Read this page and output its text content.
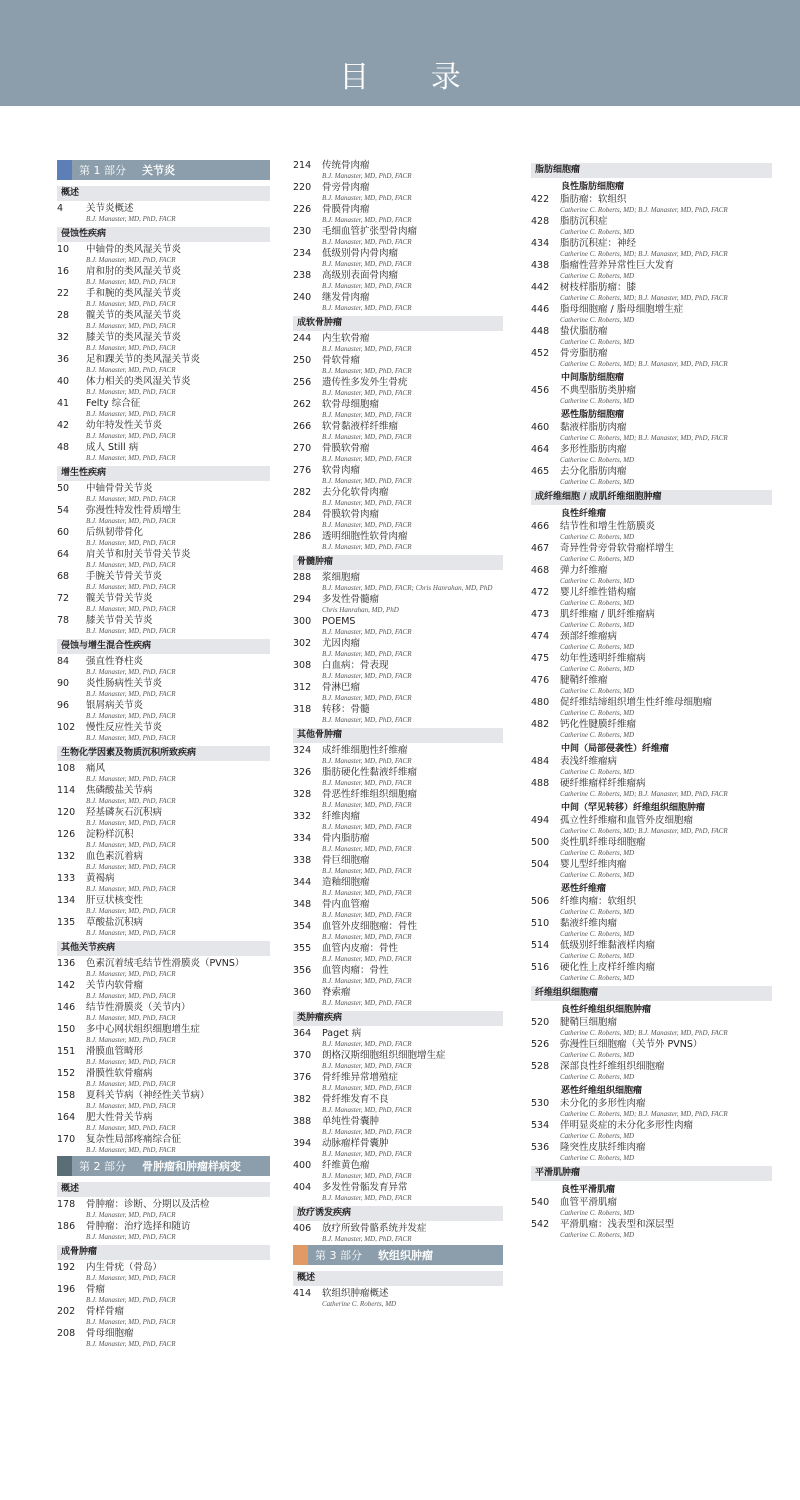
目 录
第 1 部分 关节炎
概述
4	关节炎概述
B.J. Manaster, MD, PhD, FACR
侵蚀性疾病
10	中轴骨的类风湿关节炎
B.J. Manaster, MD, PhD, FACR
16	肩和肘的类风湿关节炎
B.J. Manaster, MD, PhD, FACR
22	手和腕的类风湿关节炎
B.J. Manaster, MD, PhD, FACR
28	髋关节的类风湿关节炎
B.J. Manaster, MD, PhD, FACR
32	膝关节的类风湿关节炎
B.J. Manaster, MD, PhD, FACR
36	足和踝关节的类风湿关节炎
B.J. Manaster, MD, PhD, FACR
40	体力相关的类风湿关节炎
B.J. Manaster, MD, PhD, FACR
41	Felty 综合征
B.J. Manaster, MD, PhD, FACR
42	幼年特发性关节炎
B.J. Manaster, MD, PhD, FACR
48	成人 Still 病
B.J. Manaster, MD, PhD, FACR
增生性疾病
50	中轴骨骨关节炎
B.J. Manaster, MD, PhD, FACR
54	弥漫性特发性骨质增生
B.J. Manaster, MD, PhD, FACR
60	后纵韧带骨化
B.J. Manaster, MD, PhD, FACR
64	肩关节和肘关节骨关节炎
B.J. Manaster, MD, PhD, FACR
68	手腕关节骨关节炎
B.J. Manaster, MD, PhD, FACR
72	髋关节骨关节炎
B.J. Manaster, MD, PhD, FACR
78	膝关节骨关节炎
B.J. Manaster, MD, PhD, FACR
侵蚀与增生混合性疾病
84	强直性脊柱炎
B.J. Manaster, MD, PhD, FACR
90	炎性肠病性关节炎
B.J. Manaster, MD, PhD, FACR
96	银屑病关节炎
B.J. Manaster, MD, PhD, FACR
102	慢性反应性关节炎
B.J. Manaster, MD, PhD, FACR
生物化学因素及物质沉积所致疾病
108	痛风
B.J. Manaster, MD, PhD, FACR
114	焦磷酸盐关节病
B.J. Manaster, MD, PhD, FACR
120	羟基磷灰石沉积病
B.J. Manaster, MD, PhD, FACR
126	淀粉样沉积
B.J. Manaster, MD, PhD, FACR
132	血色素沉着病
B.J. Manaster, MD, PhD, FACR
133	黄褐病
B.J. Manaster, MD, PhD, FACR
134	肝豆状核变性
B.J. Manaster, MD, PhD, FACR
135	草酸盐沉积病
B.J. Manaster, MD, PhD, FACR
其他关节疾病
136	色素沉着绒毛结节性滑膜炎（PVNS）
B.J. Manaster, MD, PhD, FACR
142	关节内软骨瘤
B.J. Manaster, MD, PhD, FACR
146	结节性滑膜炎（关节内）
B.J. Manaster, MD, PhD, FACR
150	多中心网状组织细胞增生症
B.J. Manaster, MD, PhD, FACR
151	滑膜血管畸形
B.J. Manaster, MD, PhD, FACR
152	滑膜性软骨瘤病
B.J. Manaster, MD, PhD, FACR
158	夏科关节病（神经性关节病）
B.J. Manaster, MD, PhD, FACR
164	肥大性骨关节病
B.J. Manaster, MD, PhD, FACR
170	复杂性局部疼痛综合征
B.J. Manaster, MD, PhD, FACR
第 2 部分 骨肿瘤和肿瘤样病变
概述
178	骨肿瘤：诊断、分期以及活检
B.J. Manaster, MD, PhD, FACR
186	骨肿瘤：治疗选择和随访
B.J. Manaster, MD, PhD, FACR
成骨肿瘤
192	内生骨疣（骨岛）
B.J. Manaster, MD, PhD, FACR
196	骨瘤
B.J. Manaster, MD, PhD, FACR
202	骨样骨瘤
B.J. Manaster, MD, PhD, FACR
208	骨母细胞瘤
B.J. Manaster, MD, PhD, FACR
214	传统骨肉瘤
B.J. Manaster, MD, PhD, FACR
220	骨旁骨肉瘤
B.J. Manaster, MD, PhD, FACR
226	骨膜骨肉瘤
B.J. Manaster, MD, PhD, FACR
230	毛细血管扩张型骨肉瘤
B.J. Manaster, MD, PhD, FACR
234	低级别骨内骨肉瘤
B.J. Manaster, MD, PhD, FACR
238	高级别表面骨肉瘤
B.J. Manaster, MD, PhD, FACR
240	继发骨肉瘤
B.J. Manaster, MD, PhD, FACR
成软骨肿瘤
244	内生软骨瘤
B.J. Manaster, MD, PhD, FACR
250	骨软骨瘤
B.J. Manaster, MD, PhD, FACR
256	遗传性多发外生骨疣
B.J. Manaster, MD, PhD, FACR
262	软骨母细胞瘤
B.J. Manaster, MD, PhD, FACR
266	软骨黏液样纤维瘤
B.J. Manaster, MD, PhD, FACR
270	骨膜软骨瘤
B.J. Manaster, MD, PhD, FACR
276	软骨肉瘤
B.J. Manaster, MD, PhD, FACR
282	去分化软骨肉瘤
B.J. Manaster, MD, PhD, FACR
284	骨膜软骨肉瘤
B.J. Manaster, MD, PhD, FACR
286	透明细胞性软骨肉瘤
B.J. Manaster, MD, PhD, FACR
骨髓肿瘤
288	浆细胞瘤
B.J. Manaster, MD, PhD, FACR; Chris Hanrahan, MD, PhD
294	多发性骨髓瘤
Chris Hanrahan, MD, PhD
300	POEMS
B.J. Manaster, MD, PhD, FACR
302	尤因肉瘤
B.J. Manaster, MD, PhD, FACR
308	白血病：骨表现
B.J. Manaster, MD, PhD, FACR
312	骨淋巴瘤
B.J. Manaster, MD, PhD, FACR
318	转移：骨髓
B.J. Manaster, MD, PhD, FACR
其他骨肿瘤
324	成纤维细胞性纤维瘤
B.J. Manaster, MD, PhD, FACR
326	脂肪硬化性黏液纤维瘤
B.J. Manaster, MD, PhD, FACR
328	骨恶性纤维组织细胞瘤
B.J. Manaster, MD, PhD, FACR
332	纤维肉瘤
B.J. Manaster, MD, PhD, FACR
334	骨内脂肪瘤
B.J. Manaster, MD, PhD, FACR
338	骨巨细胞瘤
B.J. Manaster, MD, PhD, FACR
344	造釉细胞瘤
B.J. Manaster, MD, PhD, FACR
348	骨内血管瘤
B.J. Manaster, MD, PhD, FACR
354	血管外皮细胞瘤：骨性
B.J. Manaster, MD, PhD, FACR
355	血管内皮瘤：骨性
B.J. Manaster, MD, PhD, FACR
356	血管肉瘤：骨性
B.J. Manaster, MD, PhD, FACR
360	脊索瘤
B.J. Manaster, MD, PhD, FACR
类肿瘤疾病
364	Paget 病
B.J. Manaster, MD, PhD, FACR
370	朗格汉斯细胞组织细胞增生症
B.J. Manaster, MD, PhD, FACR
376	骨纤维异常增殖症
B.J. Manaster, MD, PhD, FACR
382	骨纤维发育不良
B.J. Manaster, MD, PhD, FACR
388	单纯性骨囊肿
B.J. Manaster, MD, PhD, FACR
394	动脉瘤样骨囊肿
B.J. Manaster, MD, PhD, FACR
400	纤维黄色瘤
B.J. Manaster, MD, PhD, FACR
404	多发性骨骺发育异常
B.J. Manaster, MD, PhD, FACR
放疗诱发疾病
406	放疗所致骨骼系统并发症
B.J. Manaster, MD, PhD, FACR
第 3 部分 软组织肿瘤
概述
414	软组织肿瘤概述
Catherine C. Roberts, MD
脂肪细胞瘤
良性脂肪细胞瘤
422	脂肪瘤：软组织
Catherine C. Roberts, MD; B.J. Manaster, MD, PhD, FACR
428	脂肪沉积症
Catherine C. Roberts, MD
434	脂肪沉积症：神经
Catherine C. Roberts, MD; B.J. Manaster, MD, PhD, FACR
438	脂瘤性营养异常性巨大发育
Catherine C. Roberts, MD
442	树枝样脂肪瘤：膝
Catherine C. Roberts, MD; B.J. Manaster, MD, PhD, FACR
446	脂母细胞瘤 / 脂母细胞增生症
Catherine C. Roberts, MD
448	蛰伏脂肪瘤
Catherine C. Roberts, MD
452	骨旁脂肪瘤
Catherine C. Roberts, MD; B.J. Manaster, MD, PhD, FACR
中间脂肪细胞瘤
456	不典型脂肪类肿瘤
Catherine C. Roberts, MD
恶性脂肪细胞瘤
460	黏液样脂肪肉瘤
Catherine C. Roberts, MD; B.J. Manaster, MD, PhD, FACR
464	多形性脂肪肉瘤
Catherine C. Roberts, MD
465	去分化脂肪肉瘤
Catherine C. Roberts, MD
成纤维细胞 / 成肌纤维细胞肿瘤
良性纤维瘤
466	结节性和增生性筋膜炎
Catherine C. Roberts, MD
467	奇异性骨旁骨软骨瘤样增生
Catherine C. Roberts, MD
468	弹力纤维瘤
Catherine C. Roberts, MD
472	婴儿纤维性错构瘤
Catherine C. Roberts, MD
473	肌纤维瘤 / 肌纤维瘤病
Catherine C. Roberts, MD
474	颈部纤维瘤病
Catherine C. Roberts, MD
475	幼年性透明纤维瘤病
Catherine C. Roberts, MD
476	腱鞘纤维瘤
Catherine C. Roberts, MD
480	促纤维结缔组织增生性纤维母细胞瘤
Catherine C. Roberts, MD
482	钙化性腱膜纤维瘤
Catherine C. Roberts, MD
中间（局部侵袭性）纤维瘤
484	表浅纤维瘤病
Catherine C. Roberts, MD
488	硬纤维瘤样纤维瘤病
Catherine C. Roberts, MD; B.J. Manaster, MD, PhD, FACR
中间（罕见转移）纤维组织细胞肿瘤
494	孤立性纤维瘤和血管外皮细胞瘤
Catherine C. Roberts, MD; B.J. Manaster, MD, PhD, FACR
500	炎性肌纤维母细胞瘤
Catherine C. Roberts, MD
504	婴儿型纤维肉瘤
Catherine C. Roberts, MD
恶性纤维瘤
506	纤维肉瘤：软组织
Catherine C. Roberts, MD
510	黏液纤维肉瘤
Catherine C. Roberts, MD
514	低级别纤维黏液样肉瘤
Catherine C. Roberts, MD
516	硬化性上皮样纤维肉瘤
Catherine C. Roberts, MD
纤维组织细胞瘤
良性纤维组织细胞肿瘤
520	腱鞘巨细胞瘤
Catherine C. Roberts, MD; B.J. Manaster, MD, PhD, FACR
526	弥漫性巨细胞瘤（关节外 PVNS）
Catherine C. Roberts, MD
528	深部良性纤维组织细胞瘤
Catherine C. Roberts, MD
恶性纤维组织细胞瘤
530	未分化的多形性肉瘤
Catherine C. Roberts, MD; B.J. Manaster, MD, PhD, FACR
534	伴明显炎症的未分化多形性肉瘤
Catherine C. Roberts, MD
536	隆突性皮肤纤维肉瘤
Catherine C. Roberts, MD
平滑肌肿瘤
良性平滑肌瘤
540	血管平滑肌瘤
Catherine C. Roberts, MD
542	平滑肌瘤：浅表型和深层型
Catherine C. Roberts, MD
